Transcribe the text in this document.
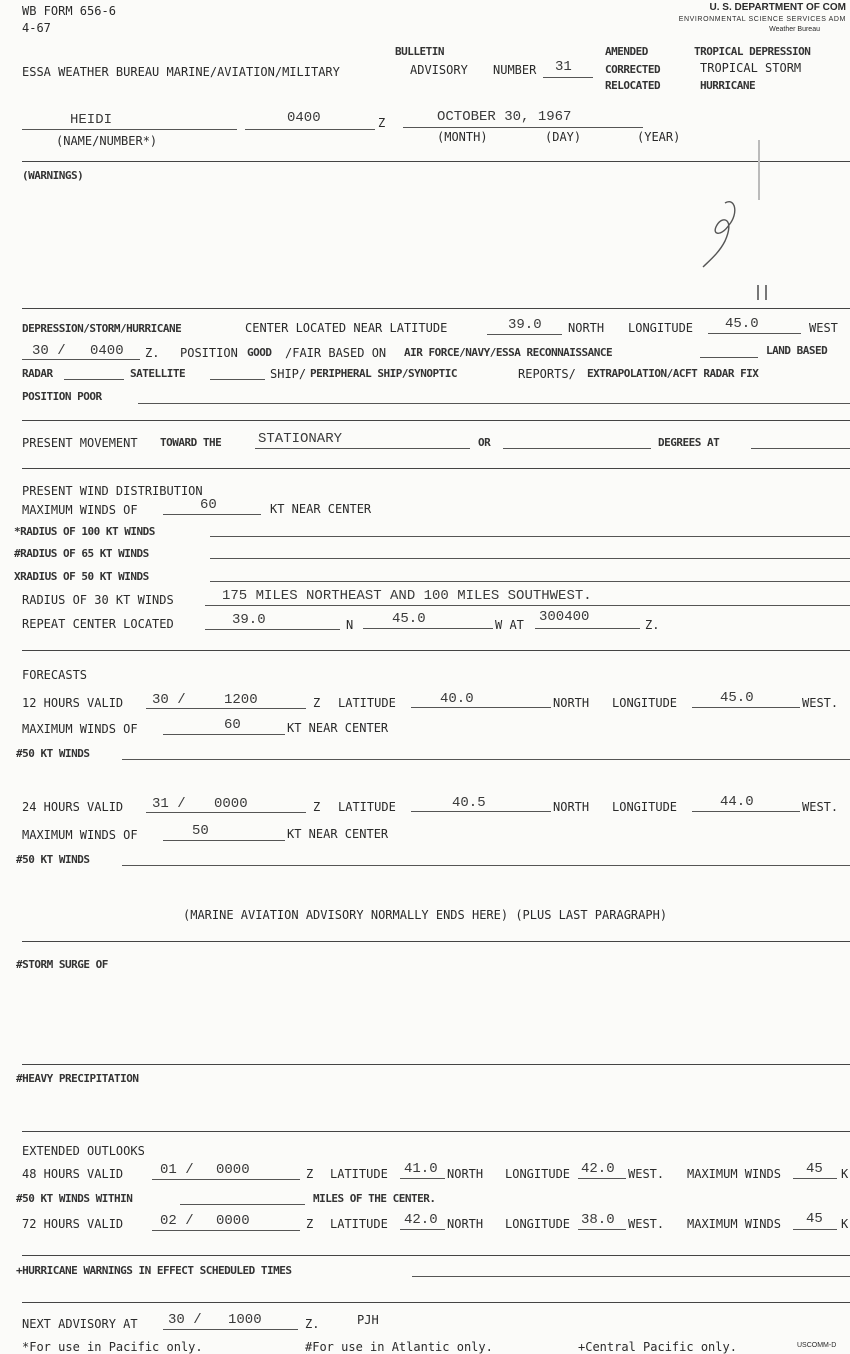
WB FORM 656-6
4-67
U. S. DEPARTMENT OF COM
ENVIRONMENTAL SCIENCE SERVICES ADM
Weather Bureau
BULLETIN	AMENDED	TROPICAL DEPRESSION
ESSA WEATHER BUREAU MARINE/AVIATION/MILITARY	ADVISORY NUMBER 31	CORRECTED	TROPICAL STORM
RELOCATED	HURRICANE
HEIDI	0400	Z	OCTOBER 30, 1967
(NAME/NUMBER*)	(MONTH)	(DAY)	(YEAR)
(WARNINGS)
DEPRESSION/STORM/HURRICANE	CENTER LOCATED NEAR LATITUDE	39.0 NORTH LONGITUDE 45.0	WEST
30 / 0400 Z. POSITION GOOD /FAIR BASED ON AIR FORCE/NAVY/ESSA RECONNAISSANCE	LAND BASED
RADAR	SATELLITE	SHIP/ PERIPHERAL SHIP/SYNOPTIC	REPORTS/ EXTRAPOLATION/ACFT RADAR FIX
POSITION POOR
PRESENT MOVEMENT TOWARD THE	STATIONARY	OR	DEGREES AT
PRESENT WIND DISTRIBUTION
MAXIMUM WINDS OF	60	KT NEAR CENTER
*RADIUS OF 100 KT WINDS
#RADIUS OF 65 KT WINDS
XRADIUS OF 50 KT WINDS
RADIUS OF 30 KT WINDS	175 MILES NORTHEAST AND 100 MILES SOUTHWEST.
REPEAT CENTER LOCATED	39.0	N	45.0	W AT 300400	Z.
FORECASTS
12 HOURS VALID 30 /	1200	Z LATITUDE	40.0	NORTH LONGITUDE	45.0	WEST.
MAXIMUM WINDS OF	60	KT NEAR CENTER
#50 KT WINDS
24 HOURS VALID 31 / 0000	Z LATITUDE	40.5	NORTH LONGITUDE	44.0	WEST.
MAXIMUM WINDS OF	50	KT NEAR CENTER
#50 KT WINDS
(MARINE AVIATION ADVISORY NORMALLY ENDS HERE) (PLUS LAST PARAGRAPH)
#STORM SURGE OF
#HEAVY PRECIPITATION
EXTENDED OUTLOOKS
48 HOURS VALID	01 / 0000	Z LATITUDE 41.0 NORTH LONGITUDE 42.0 WEST. MAXIMUM WINDS 45 K
#50 KT WINDS WITHIN	MILES OF THE CENTER.
72 HOURS VALID	02 / 0000	Z LATITUDE 42.0 NORTH LONGITUDE 38.0 WEST. MAXIMUM WINDS 45 K
+HURRICANE WARNINGS IN EFFECT SCHEDULED TIMES
NEXT ADVISORY AT 30 / 1000	Z.	PJH
*For use in Pacific only.	#For use in Atlantic only.	+Central Pacific only.	USCOMM-D
